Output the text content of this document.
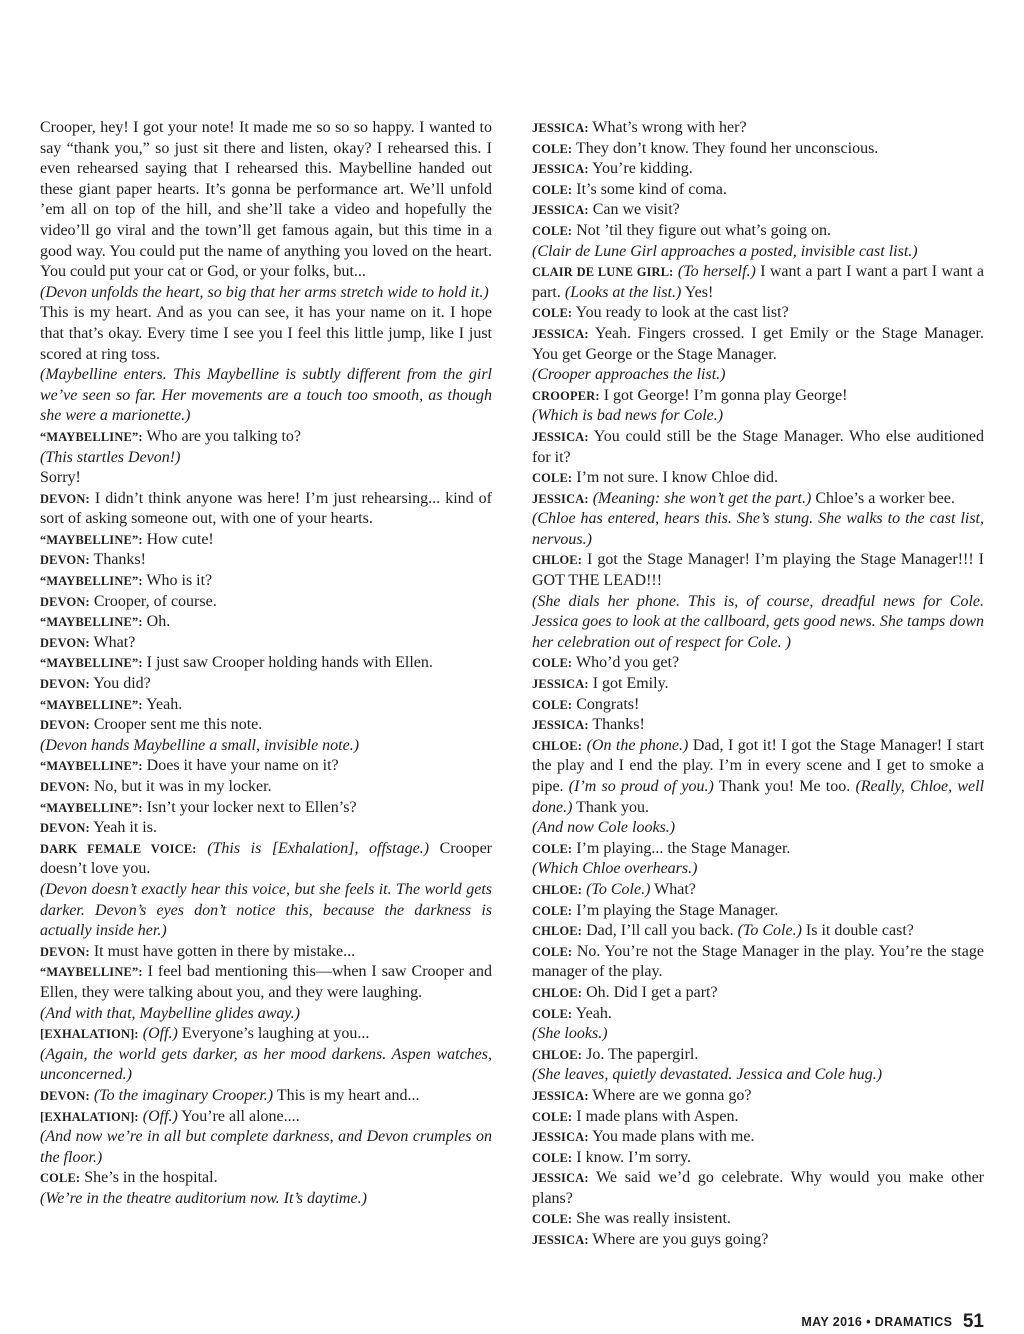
Crooper, hey! I got your note! It made me so so so happy. I wanted to say “thank you,” so just sit there and listen, okay? I rehearsed this. I even rehearsed saying that I rehearsed this. Maybelline handed out these giant paper hearts. It’s gonna be performance art. We’ll unfold ’em all on top of the hill, and she’ll take a video and hopefully the video’ll go viral and the town’ll get famous again, but this time in a good way. You could put the name of anything you loved on the heart. You could put your cat or God, or your folks, but...

(Devon unfolds the heart, so big that her arms stretch wide to hold it.)

This is my heart. And as you can see, it has your name on it. I hope that that’s okay. Every time I see you I feel this little jump, like I just scored at ring toss.

(Maybelline enters. This Maybelline is subtly different from the girl we’ve seen so far. Her movements are a touch too smooth, as though she were a marionette.)

“MAYBELLINE”: Who are you talking to?

(This startles Devon!)

Sorry!

DEVON: I didn’t think anyone was here! I’m just rehearsing... kind of sort of asking someone out, with one of your hearts.

“MAYBELLINE”: How cute!

DEVON: Thanks!

“MAYBELLINE”: Who is it?

DEVON: Crooper, of course.

“MAYBELLINE”: Oh.

DEVON: What?

“MAYBELLINE”: I just saw Crooper holding hands with Ellen.

DEVON: You did?

“MAYBELLINE”: Yeah.

DEVON: Crooper sent me this note.

(Devon hands Maybelline a small, invisible note.)

“MAYBELLINE”: Does it have your name on it?

DEVON: No, but it was in my locker.

“MAYBELLINE”: Isn’t your locker next to Ellen’s?

DEVON: Yeah it is.

DARK FEMALE VOICE: (This is [Exhalation], offstage.) Crooper doesn’t love you.

(Devon doesn’t exactly hear this voice, but she feels it. The world gets darker. Devon’s eyes don’t notice this, because the darkness is actually inside her.)

DEVON: It must have gotten in there by mistake...

“MAYBELLINE”: I feel bad mentioning this—when I saw Crooper and Ellen, they were talking about you, and they were laughing.

(And with that, Maybelline glides away.)

[EXHALATION]: (Off.) Everyone’s laughing at you...

(Again, the world gets darker, as her mood darkens. Aspen watches, unconcerned.)

DEVON: (To the imaginary Crooper.) This is my heart and...

[EXHALATION]: (Off.) You’re all alone....

(And now we’re in all but complete darkness, and Devon crumples on the floor.)

COLE: She’s in the hospital.

(We’re in the theatre auditorium now. It’s daytime.)

JESSICA: What’s wrong with her?

COLE: They don’t know. They found her unconscious.

JESSICA: You’re kidding.

COLE: It’s some kind of coma.

JESSICA: Can we visit?

COLE: Not ’til they figure out what’s going on.

(Clair de Lune Girl approaches a posted, invisible cast list.)

CLAIR DE LUNE GIRL: (To herself.) I want a part I want a part I want a part. (Looks at the list.) Yes!

COLE: You ready to look at the cast list?

JESSICA: Yeah. Fingers crossed. I get Emily or the Stage Manager. You get George or the Stage Manager.

(Crooper approaches the list.)

CROOPER: I got George! I’m gonna play George!

(Which is bad news for Cole.)

JESSICA: You could still be the Stage Manager. Who else auditioned for it?

COLE: I’m not sure. I know Chloe did.

JESSICA: (Meaning: she won’t get the part.) Chloe’s a worker bee.

(Chloe has entered, hears this. She’s stung. She walks to the cast list, nervous.)

CHLOE: I got the Stage Manager! I’m playing the Stage Manager!!! I GOT THE LEAD!!!

(She dials her phone. This is, of course, dreadful news for Cole. Jessica goes to look at the callboard, gets good news. She tamps down her celebration out of respect for Cole. )

COLE: Who’d you get?

JESSICA: I got Emily.

COLE: Congrats!

JESSICA: Thanks!

CHLOE: (On the phone.) Dad, I got it! I got the Stage Manager! I start the play and I end the play. I’m in every scene and I get to smoke a pipe. (I’m so proud of you.) Thank you! Me too. (Really, Chloe, well done.) Thank you.

(And now Cole looks.)

COLE: I’m playing... the Stage Manager.

(Which Chloe overhears.)

CHLOE: (To Cole.) What?

COLE: I’m playing the Stage Manager.

CHLOE: Dad, I’ll call you back. (To Cole.) Is it double cast?

COLE: No. You’re not the Stage Manager in the play. You’re the stage manager of the play.

CHLOE: Oh. Did I get a part?

COLE: Yeah.

(She looks.)

CHLOE: Jo. The papergirl.

(She leaves, quietly devastated. Jessica and Cole hug.)

JESSICA: Where are we gonna go?

COLE: I made plans with Aspen.

JESSICA: You made plans with me.

COLE: I know. I’m sorry.

JESSICA: We said we’d go celebrate. Why would you make other plans?

COLE: She was really insistent.

JESSICA: Where are you guys going?

MAY 2016 • DRAMATICS 51
